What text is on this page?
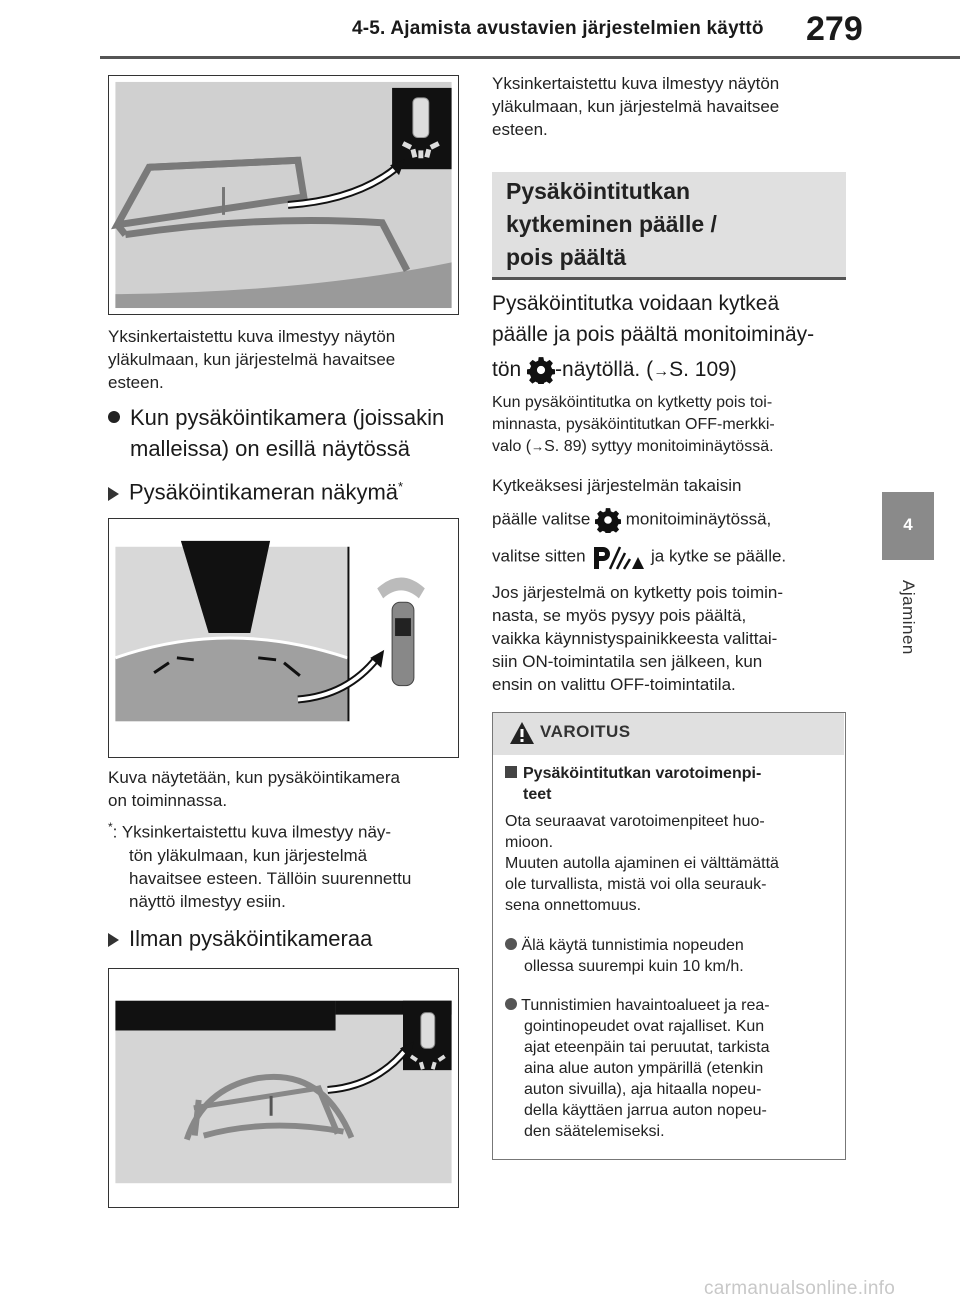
4-5. Ajamista avustavien järjestelmien käyttö 279
4
Ajaminen
Yksinkertaistettu kuva ilmestyy näytön
yläkulmaan, kun järjestelmä havaitsee
esteen.
Kun pysäköintikamera (joissakin
malleissa) on esillä näytössä
Pysäköintikameran näkymä*
Kuva näytetään, kun pysäköintikamera
on toiminnassa.
*: Yksinkertaistettu kuva ilmestyy näy-
tön yläkulmaan, kun järjestelmä
havaitsee esteen. Tällöin suurennettu
näyttö ilmestyy esiin.
Ilman pysäköintikameraa
Yksinkertaistettu kuva ilmestyy näytön
yläkulmaan, kun järjestelmä havaitsee
esteen.
Pysäköintitutkan
kytkeminen päälle /
pois päältä
Pysäköintitutka voidaan kytkeä
päälle ja pois päältä monitoiminäy-
tön -näytöllä. (→S. 109)
Kun pysäköintitutka on kytketty pois toi-
minnasta, pysäköintitutkan OFF-merkki-
valo (→S. 89) syttyy monitoiminäytössä.
Kytkeäksesi järjestelmän takaisin
päälle valitse monitoiminäytössä,
valitse sitten	ja kytke se päälle.
Jos järjestelmä on kytketty pois toimin-
nasta, se myös pysyy pois päältä,
vaikka käynnistyspainikkeesta valittai-
siin ON-toimintatila sen jälkeen, kun
ensin on valittu OFF-toimintatila.
VAROITUS
Pysäköintitutkan varotoimenpi-
teet
Ota seuraavat varotoimenpiteet huo-
mioon.
Muuten autolla ajaminen ei välttämättä
ole turvallista, mistä voi olla seurauk-
sena onnettomuus.
Älä käytä tunnistimia nopeuden
ollessa suurempi kuin 10 km/h.
Tunnistimien havaintoalueet ja rea-
gointinopeudet ovat rajalliset. Kun
ajat eteenpäin tai peruutat, tarkista
aina alue auton ympärillä (etenkin
auton sivuilla), aja hitaalla nopeu-
della käyttäen jarrua auton nopeu-
den säätelemiseksi.
carmanualsonline.info
